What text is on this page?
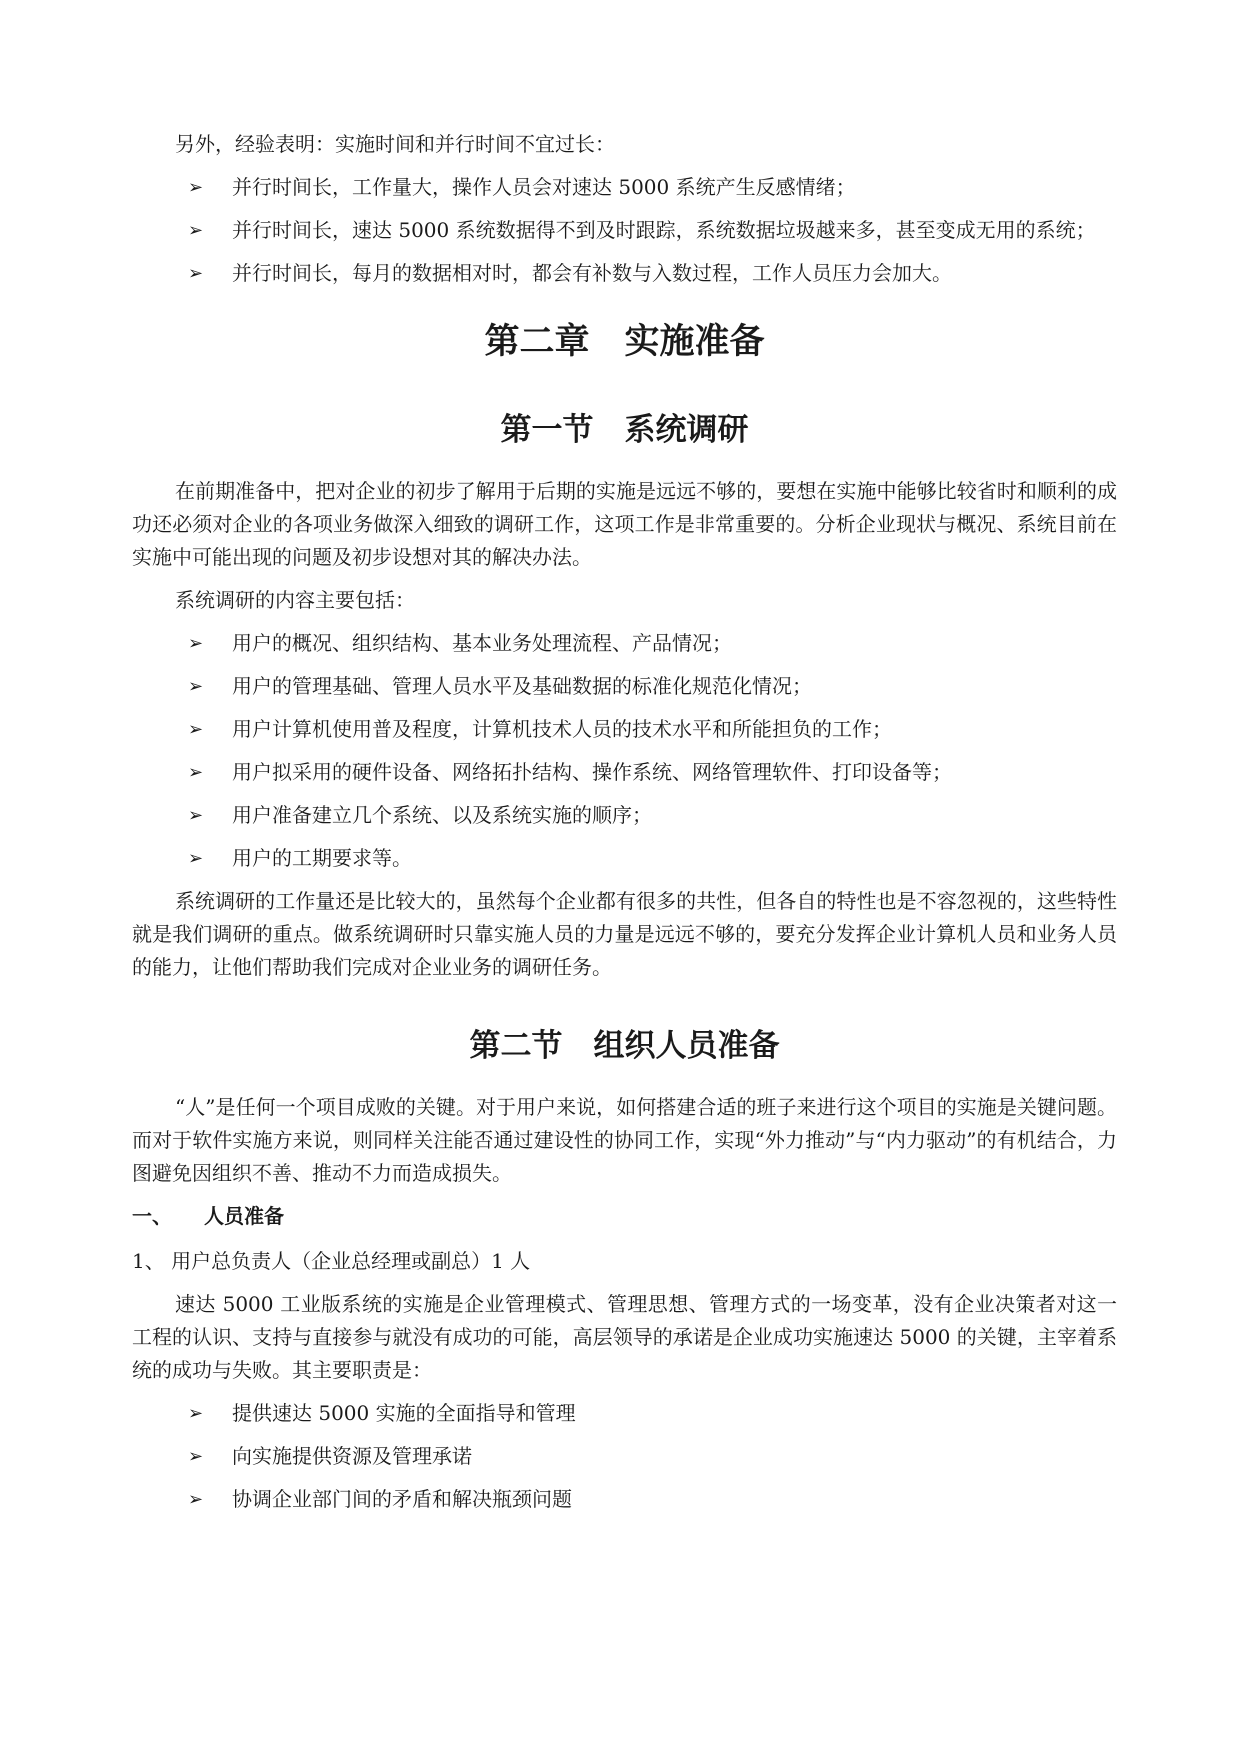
另外，经验表明：实施时间和并行时间不宜过长：

➢ 并行时间长，工作量大，操作人员会对速达 5000 系统产生反感情绪；
➢ 并行时间长，速达 5000 系统数据得不到及时跟踪，系统数据垃圾越来多，甚至变成无用的系统；
➢ 并行时间长，每月的数据相对时，都会有补数与入数过程，工作人员压力会加大。
第二章　实施准备
第一节　系统调研

在前期准备中，把对企业的初步了解用于后期的实施是远远不够的，要想在实施中能够比较省时和顺利的成功还必须对企业的各项业务做深入细致的调研工作，这项工作是非常重要的。分析企业现状与概况、系统目前在实施中可能出现的问题及初步设想对其的解决办法。

系统调研的内容主要包括：

➢ 用户的概况、组织结构、基本业务处理流程、产品情况；
➢ 用户的管理基础、管理人员水平及基础数据的标准化规范化情况；
➢ 用户计算机使用普及程度，计算机技术人员的技术水平和所能担负的工作；
➢ 用户拟采用的硬件设备、网络拓扑结构、操作系统、网络管理软件、打印设备等；
➢ 用户准备建立几个系统、以及系统实施的顺序；
➢ 用户的工期要求等。

系统调研的工作量还是比较大的，虽然每个企业都有很多的共性，但各自的特性也是不容忽视的，这些特性就是我们调研的重点。做系统调研时只靠实施人员的力量是远远不够的，要充分发挥企业计算机人员和业务人员的能力，让他们帮助我们完成对企业业务的调研任务。

第二节　组织人员准备

“人”是任何一个项目成败的关键。对于用户来说，如何搭建合适的班子来进行这个项目的实施是关键问题。而对于软件实施方来说，则同样关注能否通过建设性的协同工作，实现“外力推动”与“内力驱动”的有机结合，力图避免因组织不善、推动不力而造成损失。

一、	人员准备

1、 用户总负责人（企业总经理或副总）1 人

速达 5000 工业版系统的实施是企业管理模式、管理思想、管理方式的一场变革，没有企业决策者对这一工程的认识、支持与直接参与就没有成功的可能，高层领导的承诺是企业成功实施速达 5000 的关键，主宰着系统的成功与失败。其主要职责是：

➢ 提供速达 5000 实施的全面指导和管理
➢ 向实施提供资源及管理承诺
➢ 协调企业部门间的矛盾和解决瓶颈问题
